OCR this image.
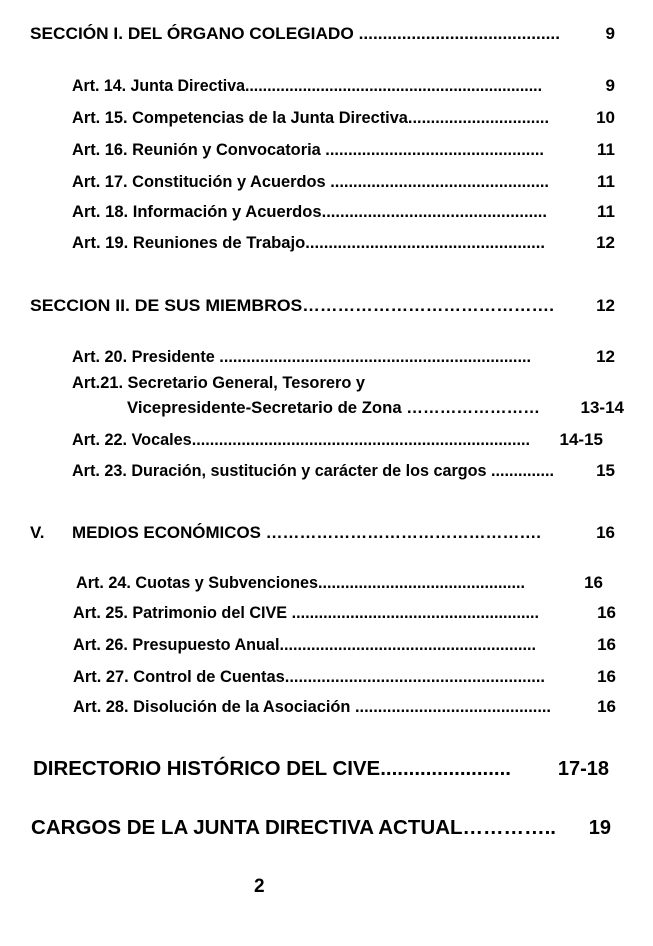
SECCIÓN I. DEL ÓRGANO COLEGIADO ..........................................	9
Art. 14. Junta Directiva...................................................................	9
Art. 15. Competencias de la Junta Directiva...............................	10
Art. 16. Reunión y Convocatoria ................................................	11
Art. 17. Constitución y Acuerdos ................................................	11
Art. 18. Información y Acuerdos.................................................	11
Art. 19. Reuniones de Trabajo....................................................	12
SECCION II. DE SUS MIEMBROS……………………………………. 12
Art. 20. Presidente .....................................................................	12
Art.21. Secretario General, Tesorero y
Vicepresidente-Secretario de Zona ……………………	13-14
Art. 22. Vocales...........................................................................	14-15
Art. 23. Duración, sustitución y carácter de los cargos ..............	15
V. MEDIOS ECONÓMICOS ………………………………………….	16
Art. 24. Cuotas y Subvenciones..............................................	16
Art. 25. Patrimonio del CIVE .......................................................	16
Art. 26. Presupuesto Anual.........................................................	16
Art. 27. Control de Cuentas.........................................................	16
Art. 28. Disolución de la Asociación ...........................................	16
DIRECTORIO HISTÓRICO DEL CIVE....................... 17-18
CARGOS DE LA JUNTA DIRECTIVA ACTUAL………….. 19
2
